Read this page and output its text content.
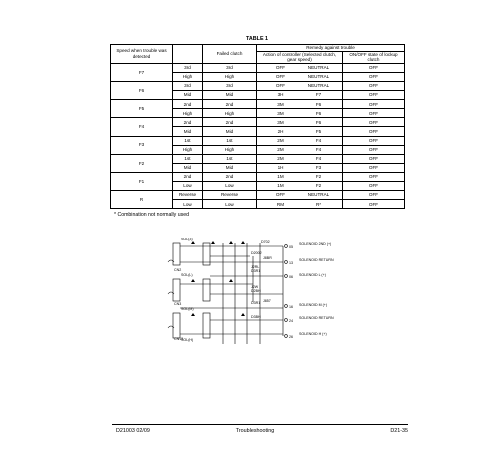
TABLE 1
Speed when trouble was detected		Failed clutch	Remedy against trouble	
			Action of controller (Selected clutch, gear speed)	ON/OFF state of lockup clutch
F7	3rd	3rd	OFF NEUTRAL	OFF
	High	High	OFF NEUTRAL	OFF
F6	3rd	3rd	OFF NEUTRAL	OFF
	Mid	Mid	3H F7	OFF
F5	2nd	2nd	3M F6	OFF
	High	High	3M F6	OFF
F4	2nd	2nd	3M F6	OFF
	Mid	Mid	2H F5	OFF
F3	1st	1st	2M F4	OFF
	High	High	2M F4	OFF
F2	1st	1st	2M F4	OFF
	Mid	Mid	1H F3	OFF
F1	2nd	2nd	1M F2	OFF
	Low	Low	1M F2	OFF
R	Reverse	Reverse	OFF NEUTRAL	OFF
	Low	Low	RM R*	OFF
* Combination not normally used
SOL(3)
SOL(L)
SOL(M)
SOL(H)
D702
D2002
J8BR
J2RL
D3R1
J2W
D2BH
D3R1 J857
D3BH
CN2
CN3
CN15
05
13
06
16
24
26
SOLENOID 2ND (+)
SOLENOID RETURN
SOLENOID L (+)
SOLENOID M (+)
SOLENOID RETURN
SOLENOID H (+)
D21003 02/09	Troubleshooting	D21-35
